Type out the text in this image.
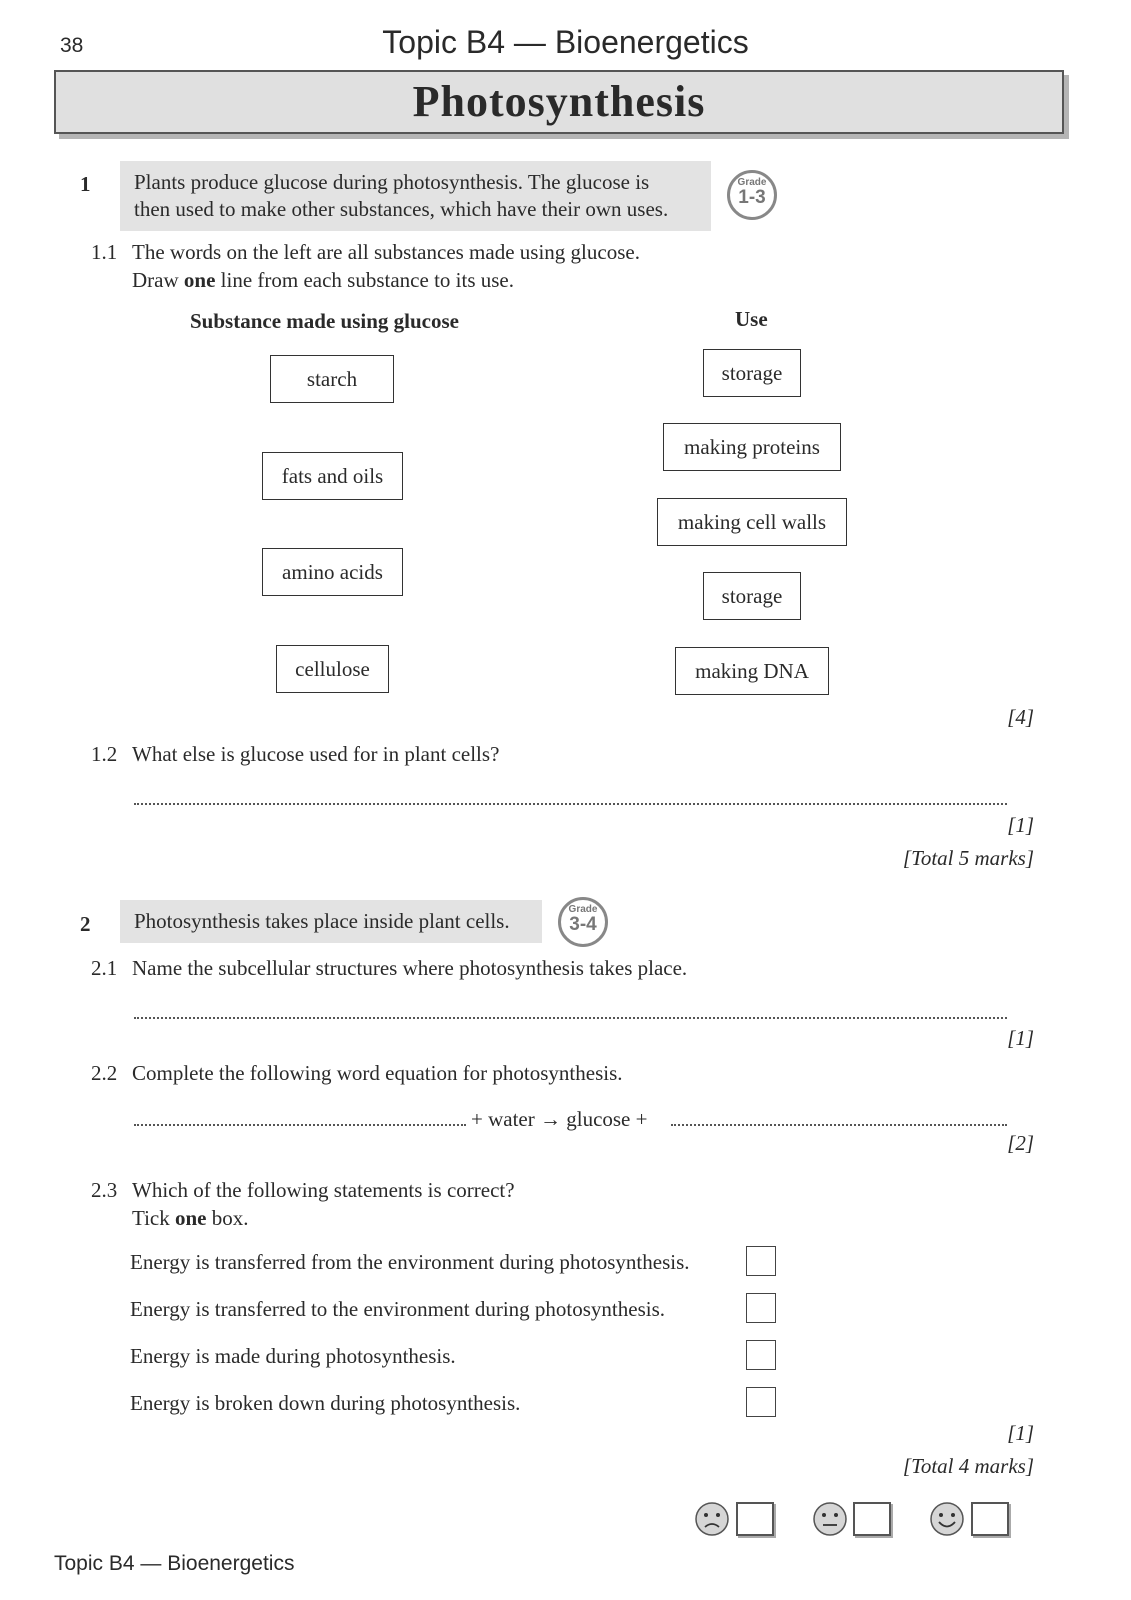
38	Topic B4 — Bioenergetics
Photosynthesis
1 Plants produce glucose during photosynthesis. The glucose is
then used to make other substances, which have their own uses.
Grade
1-3
1.1 The words on the left are all substances made using glucose.
Draw one line from each substance to its use.
Substance made using glucose	Use
starch
fats and oils
amino acids
cellulose
storage
making proteins
making cell walls
storage
making DNA
[4]
1.2 What else is glucose used for in plant cells?
[1]
[Total 5 marks]
2	Photosynthesis takes place inside plant cells.	Grade
3-4
2.1 Name the subcellular structures where photosynthesis takes place.
[1]
2.2 Complete the following word equation for photosynthesis.
+ water → glucose +
[2]
2.3 Which of the following statements is correct?
Tick one box.
Energy is transferred from the environment during photosynthesis.
Energy is transferred to the environment during photosynthesis.
Energy is made during photosynthesis.
Energy is broken down during photosynthesis.
[1]
[Total 4 marks]
Topic B4 — Bioenergetics
